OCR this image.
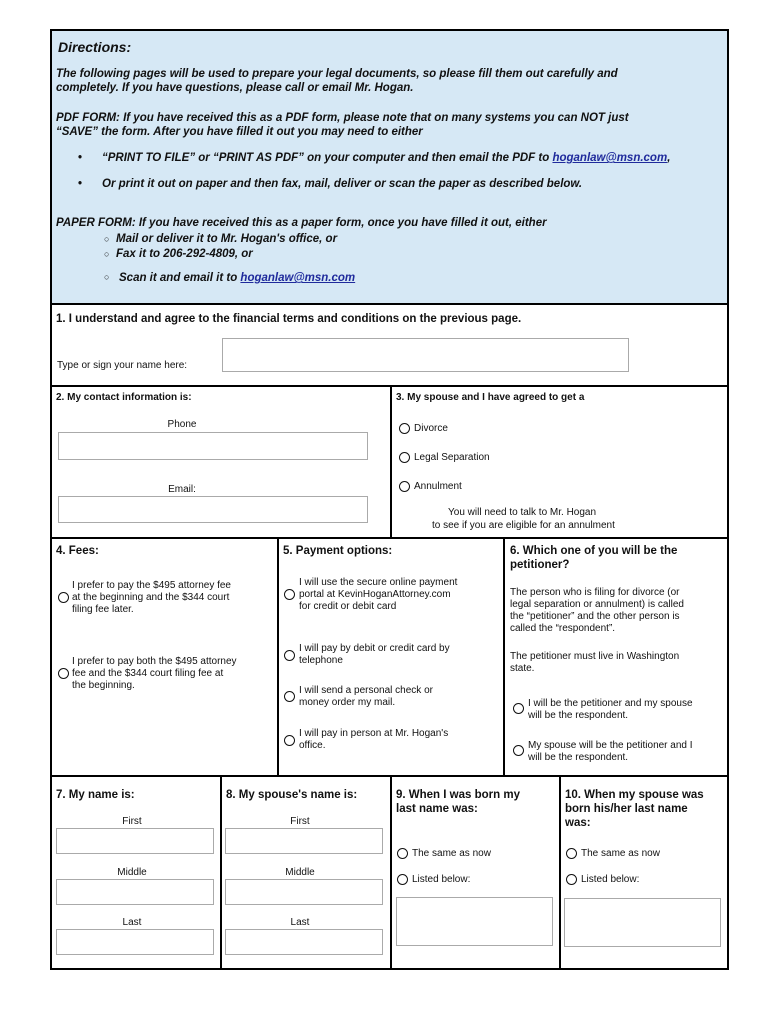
Directions:
The following pages will be used to prepare your legal documents, so please fill them out carefully and
completely. If you have questions, please call or email Mr. Hogan.
PDF FORM: If you have received this as a PDF form, please note that on many systems you can NOT just
“SAVE” the form. After you have filled it out you may need to either
• “PRINT TO FILE” or “PRINT AS PDF” on your computer and then email the PDF to hoganlaw@msn.com,
• Or print it out on paper and then fax, mail, deliver or scan the paper as described below.
PAPER FORM: If you have received this as a paper form, once you have filled it out, either
○ Mail or deliver it to Mr. Hogan's office, or
○ Fax it to 206-292-4809, or
○ Scan it and email it to hoganlaw@msn.com
1. I understand and agree to the financial terms and conditions on the previous page.
Type or sign your name here:
2. My contact information is:
Phone
Email:
3. My spouse and I have agreed to get a
Divorce
Legal Separation
Annulment
You will need to talk to Mr. Hogan
to see if you are eligible for an annulment
4. Fees:
I prefer to pay the $495 attorney fee
at the beginning and the $344 court
filing fee later.
I prefer to pay both the $495 attorney
fee and the $344 court filing fee at
the beginning.
5. Payment options:
I will use the secure online payment
portal at KevinHoganAttorney.com
for credit or debit card
I will pay by debit or credit card by
telephone
I will send a personal check or
money order my mail.
I will pay in person at Mr. Hogan's
office.
6. Which one of you will be the
petitioner?
The person who is filing for divorce (or
legal separation or annulment) is called
the “petitioner” and the other person is
called the “respondent”.
The petitioner must live in Washington
state.
I will be the petitioner and my spouse
will be the respondent.
My spouse will be the petitioner and I
will be the respondent.
7. My name is:
First
Middle
Last
8. My spouse's name is:
First
Middle
Last
9. When I was born my
last name was:
The same as now
Listed below:
10. When my spouse was
born his/her last name
was:
The same as now
Listed below:
